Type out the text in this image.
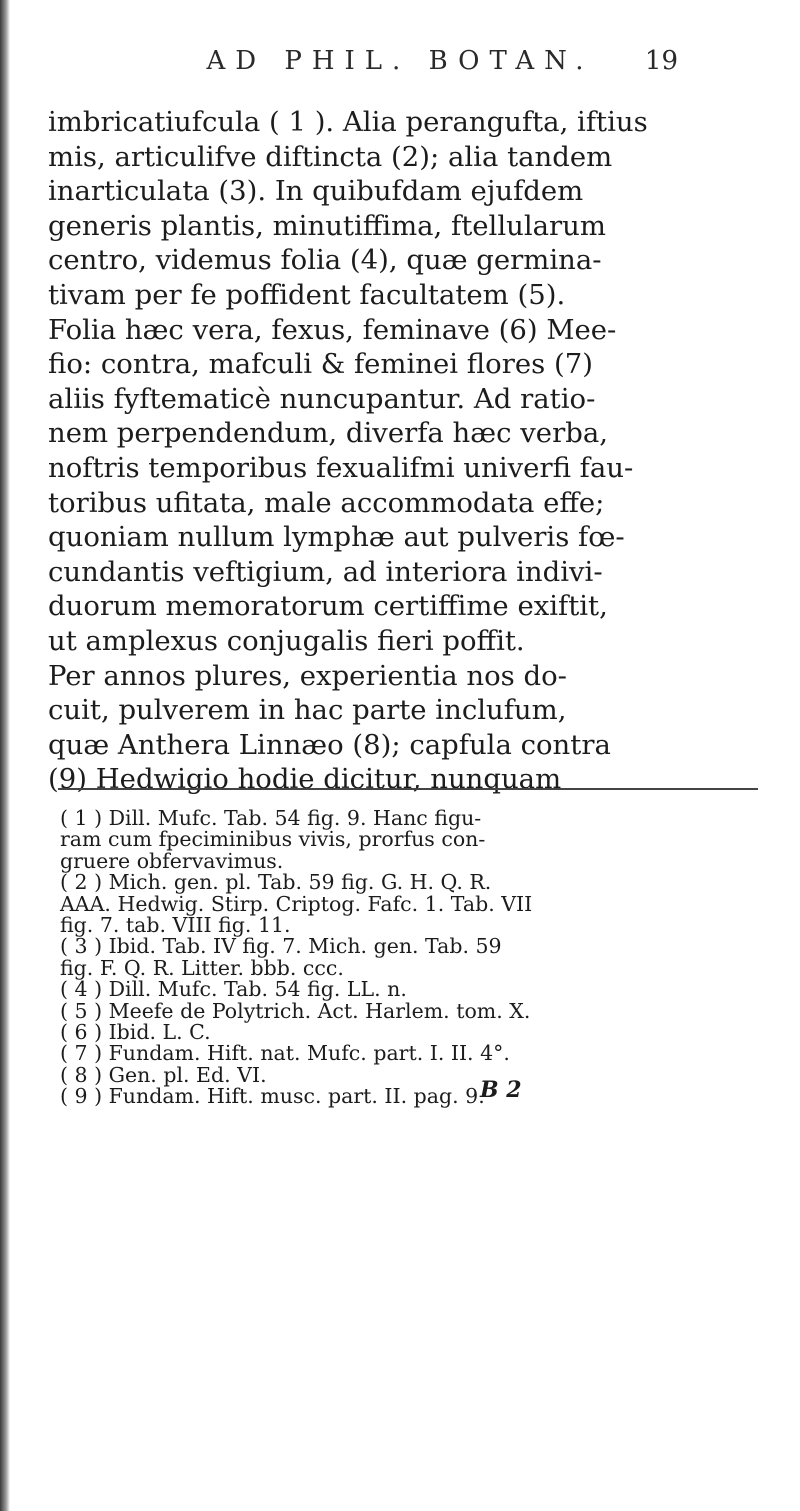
AD PHIL. BOTAN.	19
imbricatiufcula ( 1 ). Alia perangufta, iftius
mis, articulifve diftincta (2); alia tandem
inarticulata (3). In quibufdam ejufdem
generis plantis, minutiffima, ftellularum
centro, videmus folia (4), quæ germina-
tivam per fe poffident facultatem (5).
Folia hæc vera, fexus, feminave (6) Mee-
fio: contra, mafculi & feminei flores (7)
aliis fyftematicè nuncupantur. Ad ratio-
nem perpendendum, diverfa hæc verba,
noftris temporibus fexualifmi univerfi fau-
toribus ufitata, male accommodata effe;
quoniam nullum lymphæ aut pulveris fœ-
cundantis veftigium, ad interiora indivi-
duorum memoratorum certiffime exiftit,
ut amplexus conjugalis fieri poffit.
Per annos plures, experientia nos do-
cuit, pulverem in hac parte inclufum,
quæ Anthera Linnæo (8); capfula contra
(9) Hedwigio hodie dicitur, nunquam
( 1 ) Dill. Mufc. Tab. 54 fig. 9. Hanc figu-
ram cum fpeciminibus vivis, prorfus con-
gruere obfervavimus.
( 2 ) Mich. gen. pl. Tab. 59 fig. G. H. Q. R.
AAA. Hedwig. Stirp. Criptog. Fafc. 1. Tab. VII
fig. 7. tab. VIII fig. 11.
( 3 ) Ibid. Tab. IV fig. 7. Mich. gen. Tab. 59
fig. F. Q. R. Litter. bbb. ccc.
( 4 ) Dill. Mufc. Tab. 54 fig. LL. n.
( 5 ) Meefe de Polytrich. Act. Harlem. tom. X.
( 6 ) Ibid. L. C.
( 7 ) Fundam. Hift. nat. Mufc. part. I. II. 4°.
( 8 ) Gen. pl. Ed. VI.
( 9 ) Fundam. Hift. musc. part. II. pag. 9.
B 2
